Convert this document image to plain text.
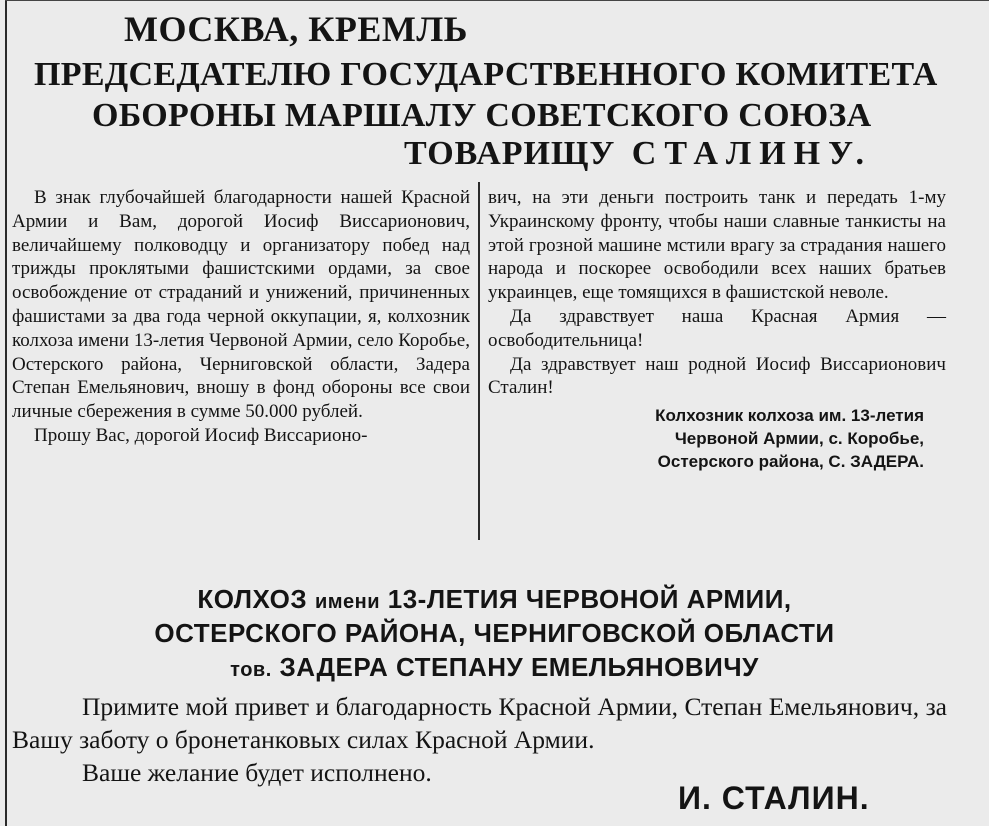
МОСКВА, КРЕМЛЬ
ПРЕДСЕДАТЕЛЮ ГОСУДАРСТВЕННОГО КОМИТЕТА
ОБОРОНЫ МАРШАЛУ СОВЕТСКОГО СОЮЗА
ТОВАРИЩУ СТАЛИНУ.

В знак глубочайшей благодарности нашей Красной Армии и Вам, дорогой Иосиф Виссарионович, величайшему полководцу и организатору побед над трижды проклятыми фашистскими ордами, за свое освобождение от страданий и унижений, причиненных фашистами за два года черной оккупации, я, колхозник колхоза имени 13-летия Червоной Армии, село Коробье, Остерского района, Черниговской области, Задера Степан Емельянович, вношу в фонд обороны все свои личные сбережения в сумме 50.000 рублей.

Прошу Вас, дорогой Иосиф Виссарионо-

вич, на эти деньги построить танк и передать 1-му Украинскому фронту, чтобы наши славные танкисты на этой грозной машине мстили врагу за страдания нашего народа и поскорее освободили всех наших братьев украинцев, еще томящихся в фашистской неволе.

Да здравствует наша Красная Армия — освободительница!

Да здравствует наш родной Иосиф Виссарионович Сталин!

Колхозник колхоза им. 13-летия
Червоной Армии, с. Коробье,
Остерского района, С. ЗАДЕРА.
КОЛХОЗ имени 13-ЛЕТИЯ ЧЕРВОНОЙ АРМИИ,
ОСТЕРСКОГО РАЙОНА, ЧЕРНИГОВСКОЙ ОБЛАСТИ
тов. ЗАДЕРА СТЕПАНУ ЕМЕЛЬЯНОВИЧУ

Примите мой привет и благодарность Красной Армии, Степан Емельянович, за Вашу заботу о бронетанковых силах Красной Армии.

Ваше желание будет исполнено.

И. СТАЛИН.
